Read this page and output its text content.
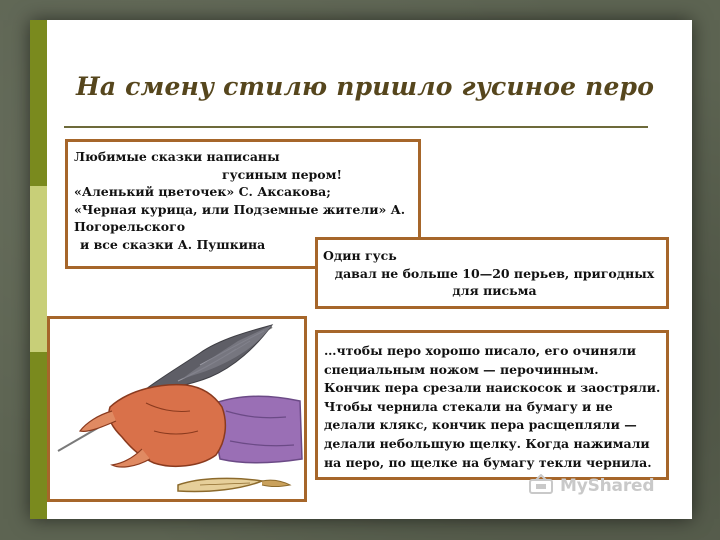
На смену стилю пришло гусиное перо

Любимые сказки написаны

гусиным пером!

«Аленький цветочек» С. Аксакова;

«Черная курица, или Подземные жители» А.

Погорельского

и все сказки А. Пушкина

Один гусь

давал не больше 10—20 перьев, пригодных

для письма

…чтобы перо хорошо писало, его очиняли

специальным ножом — перочинным.

Кончик пера срезали наискосок и заостряли.

Чтобы чернила стекали на бумагу и не

делали клякс, кончик пера расщепляли —

делали небольшую щелку. Когда нажимали

на перо, по щелке на бумагу текли чернила.

MyShared
